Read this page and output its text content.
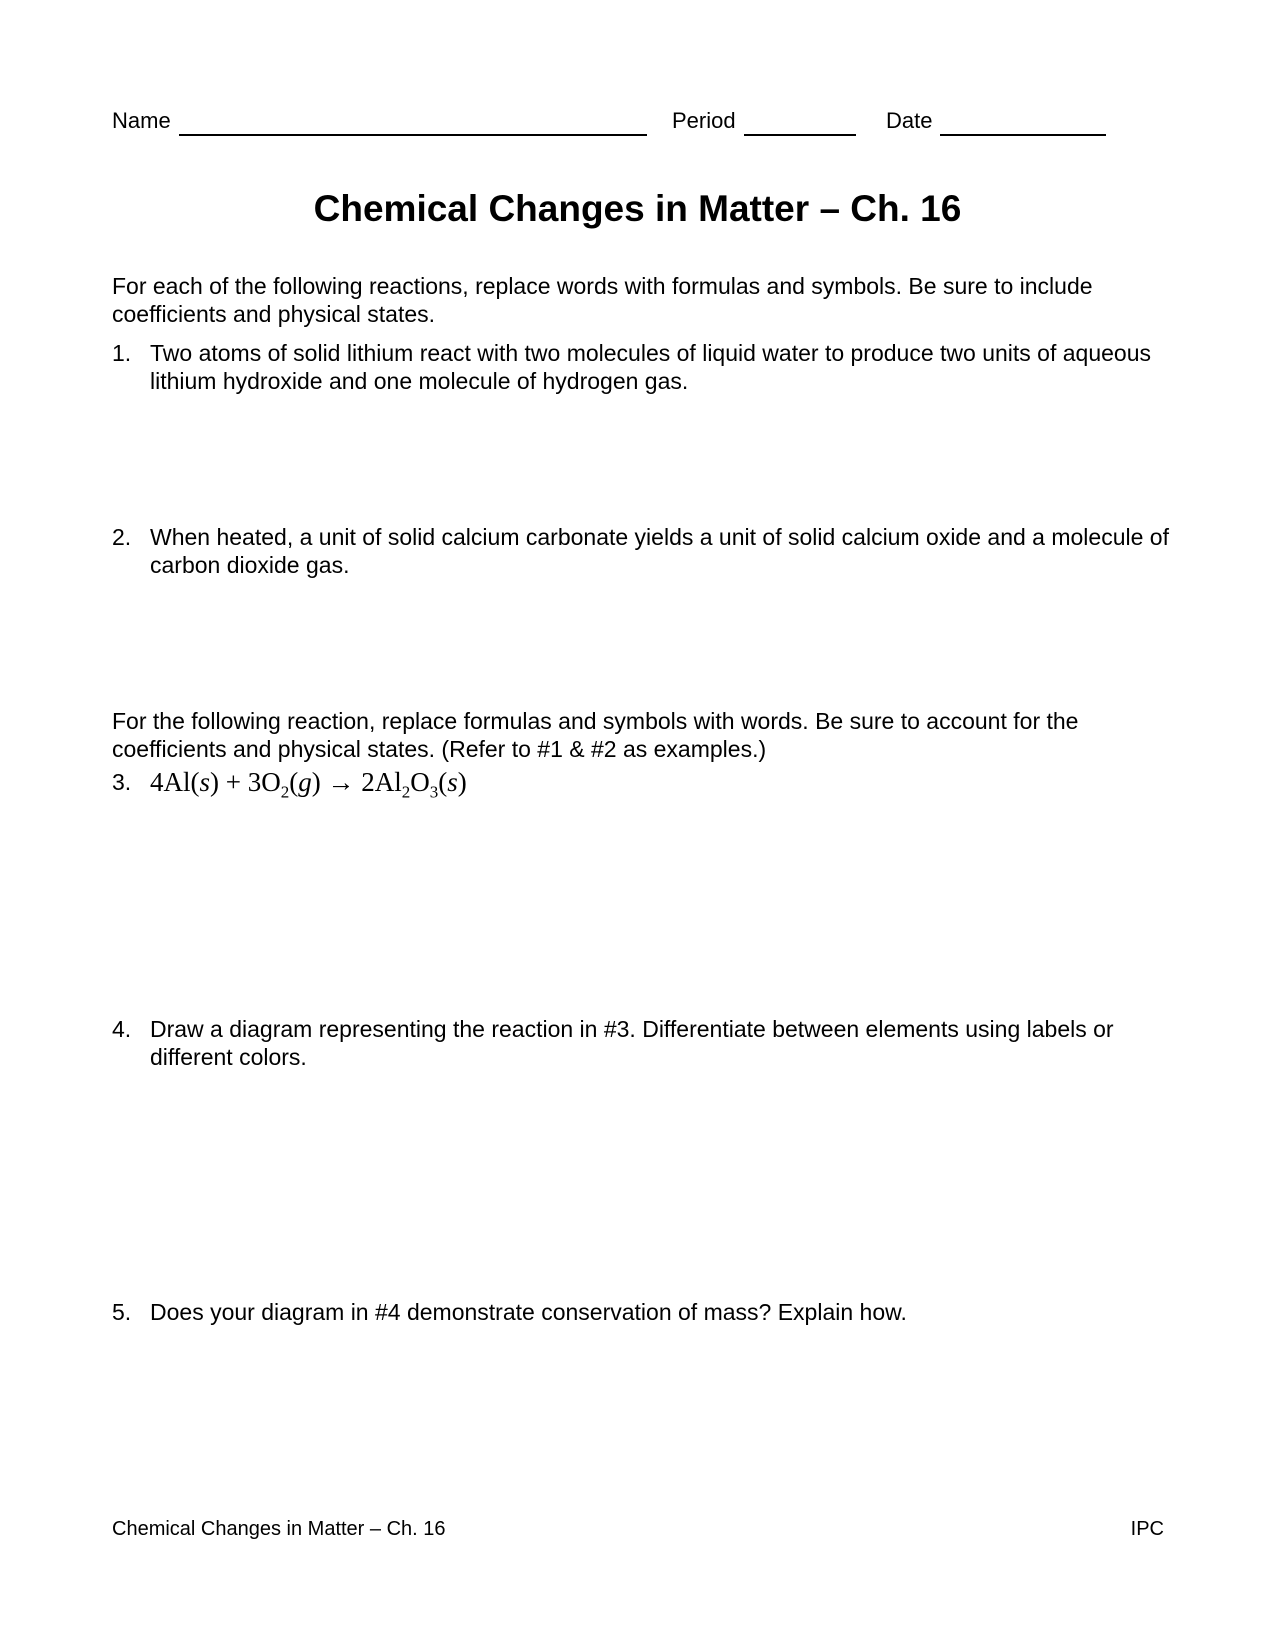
Name	Period	Date
Chemical Changes in Matter – Ch. 16
For each of the following reactions, replace words with formulas and symbols. Be sure to include coefficients and physical states.
1. Two atoms of solid lithium react with two molecules of liquid water to produce two units of aqueous lithium hydroxide and one molecule of hydrogen gas.
2. When heated, a unit of solid calcium carbonate yields a unit of solid calcium oxide and a molecule of carbon dioxide gas.
For the following reaction, replace formulas and symbols with words. Be sure to account for the coefficients and physical states. (Refer to #1 & #2 as examples.)
3. $4Al(s) + 3O_2(g) \to 2Al_2O_3(s)$
4. Draw a diagram representing the reaction in #3. Differentiate between elements using labels or different colors.
5. Does your diagram in #4 demonstrate conservation of mass? Explain how.
Chemical Changes in Matter – Ch. 16	IPC
